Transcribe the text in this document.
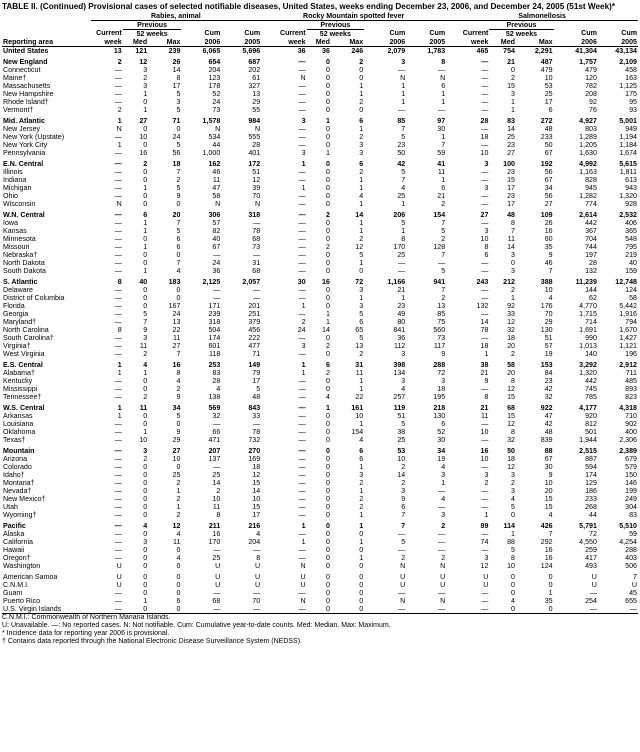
TABLE II. (Continued) Provisional cases of selected notifiable diseases, United States, weeks ending December 23, 2006, and December 24, 2005 (51st Week)*
	Rabies, animal					Rocky Mountain spotted fever					Salmonellosis				
		Previous					Previous					Previous			
	Current	52 weeks		Cum	Cum	Current	52 weeks		Cum	Cum	Current	52 weeks		Cum	Cum
Reporting area	week	Med	Max	2006	2005	week	Med	Max	2006	2005	week	Med	Max	2006	2005
United States	13	121	239	6,065	5,696	36	36	246	2,079	1,783	465	754	2,291	41,304	43,134
New England	2	12	26	654	687	—	0	2	3	8	—	21	487	1,757	2,109
Connecticut	—	3	14	204	202	—	0	0	—	—	—	0	479	479	458
Maine†	—	2	8	123	61	N	0	0	N	N	—	2	10	120	163
Massachusetts	—	3	17	178	327	—	0	1	1	6	—	15	53	782	1,125
New Hampshire	—	1	5	52	13	—	0	1	1	1	—	3	25	208	175
Rhode Island†	—	0	3	24	29	—	0	2	1	1	—	1	17	92	95
Vermont†	2	1	5	73	55	—	0	0	—	—	—	1	6	76	93
Mid. Atlantic	1	27	71	1,578	984	3	1	6	85	97	28	83	272	4,927	5,001
New Jersey	N	0	0	N	N	—	0	1	7	30	—	14	48	803	949
New York (Upstate)	—	10	24	534	555	—	0	2	5	1	18	25	233	1,289	1,194
New York City	1	0	5	44	28	—	0	3	23	7	—	23	50	1,205	1,184
Pennsylvania	—	16	56	1,000	401	3	1	3	50	59	10	27	67	1,630	1,674
E.N. Central	—	2	18	162	172	1	0	6	42	41	3	100	192	4,992	5,615
Illinois	—	0	7	46	51	—	0	2	5	11	—	23	56	1,163	1,811
Indiana	—	0	2	11	12	—	0	1	7	1	—	15	67	828	613
Michigan	—	1	5	47	39	1	0	1	4	6	3	17	34	945	943
Ohio	—	0	9	58	70	—	0	4	25	21	—	23	56	1,282	1,320
Wisconsin	N	0	0	N	N	—	0	1	1	2	—	17	27	774	928
W.N. Central	—	6	20	306	318	—	2	14	206	154	27	48	109	2,614	2,532
Iowa	—	1	7	57	—	—	0	1	5	7	—	8	26	442	406
Kansas	—	1	5	82	78	—	0	1	1	5	3	7	16	367	365
Minnesota	—	0	6	40	68	—	0	2	8	2	10	11	60	704	548
Missouri	—	1	6	67	73	—	2	12	170	128	8	14	35	744	795
Nebraska†	—	0	0	—	—	—	0	5	25	7	6	3	9	197	219
North Dakota	—	0	7	24	31	—	0	1	—	—	—	0	46	28	40
South Dakota	—	1	4	36	68	—	0	0	—	5	—	3	7	132	159
S. Atlantic	8	40	183	2,125	2,057	30	16	72	1,166	941	243	212	388	11,239	12,748
Delaware	—	0	0	—	—	—	0	3	21	7	—	2	10	144	124
District of Columbia	—	0	0	—	—	—	0	1	1	2	—	1	4	62	58
Florida	—	0	167	171	201	1	0	3	23	13	132	92	176	4,770	5,442
Georgia	—	5	24	239	251	—	1	5	49	85	—	33	70	1,715	1,916
Maryland†	—	7	13	318	379	2	1	6	80	75	14	12	29	714	794
North Carolina	8	9	22	504	456	24	14	65	841	560	78	32	130	1,691	1,670
South Carolina†	—	3	11	174	222	—	0	5	36	73	—	18	51	990	1,427
Virginia†	—	11	27	601	477	3	2	13	112	117	18	20	57	1,013	1,121
West Virginia	—	2	7	118	71	—	0	2	3	9	1	2	19	140	196
E.S. Central	1	4	16	253	149	1	6	31	398	288	38	58	153	3,292	2,912
Alabama†	1	1	8	83	79	1	2	11	134	72	21	20	84	1,320	711
Kentucky	—	0	4	28	17	—	0	1	3	3	9	8	23	442	485
Mississippi	—	0	2	4	5	—	0	1	4	18	—	12	42	745	893
Tennessee†	—	2	9	138	48	—	4	22	257	195	8	15	32	785	823
W.S. Central	1	11	34	569	843	—	1	161	119	218	21	68	922	4,177	4,318
Arkansas	1	0	5	32	33	—	0	10	51	130	11	15	47	920	710
Louisiana	—	0	0	—	—	—	0	1	5	6	—	12	42	812	902
Oklahoma	—	1	9	66	78	—	0	154	38	52	10	8	48	501	400
Texas†	—	10	29	471	732	—	0	4	25	30	—	32	839	1,944	2,306
Mountain	—	3	27	207	270	—	0	6	53	34	16	50	88	2,515	2,389
Arizona	—	2	10	137	169	—	0	6	10	19	10	18	67	887	679
Colorado	—	0	0	—	18	—	0	1	2	4	—	12	30	594	579
Idaho†	—	0	25	25	12	—	0	3	14	3	3	3	9	174	150
Montana†	—	0	2	14	15	—	0	2	2	1	2	2	10	129	146
Nevada†	—	0	1	2	14	—	0	1	3	—	—	3	20	186	199
New Mexico†	—	0	2	10	10	—	0	2	9	4	—	4	15	233	249
Utah	—	0	1	11	15	—	0	2	6	—	—	5	15	268	304
Wyoming†	—	0	2	8	17	—	0	1	7	3	1	0	4	44	83
Pacific	—	4	12	211	216	1	0	1	7	2	89	114	426	5,791	5,510
Alaska	—	0	4	16	4	—	0	0	—	—	—	1	7	72	59
California	—	3	11	170	204	1	0	1	5	—	74	88	292	4,550	4,254
Hawaii	—	0	0	—	—	—	0	0	—	—	—	5	16	259	288
Oregon†	—	0	4	25	8	—	0	1	2	2	3	8	16	417	403
Washington	U	0	0	U	U	N	0	0	N	N	12	10	124	493	506
American Samoa	U	0	0	U	U	U	0	0	U	U	U	0	0	U	7
C.N.M.I.	U	0	0	U	U	U	0	0	U	U	U	0	0	U	U
Guam	—	0	0	—	—	—	0	0	—	—	—	0	1	—	45
Puerto Rico	—	1	6	68	70	N	0	0	N	N	—	4	35	254	655
U.S. Virgin Islands	—	0	0	—	—	—	0	0	—	—	—	0	0	—	—
C.N.M.I.: Commonwealth of Northern Mariana Islands.
U: Unavailable. —: No reported cases. N: Not notifiable. Cum: Cumulative year-to-date counts. Med: Median. Max: Maximum.
* Incidence data for reporting year 2006 is provisional.
† Contains data reported through the National Electronic Disease Surveillance System (NEDSS).
